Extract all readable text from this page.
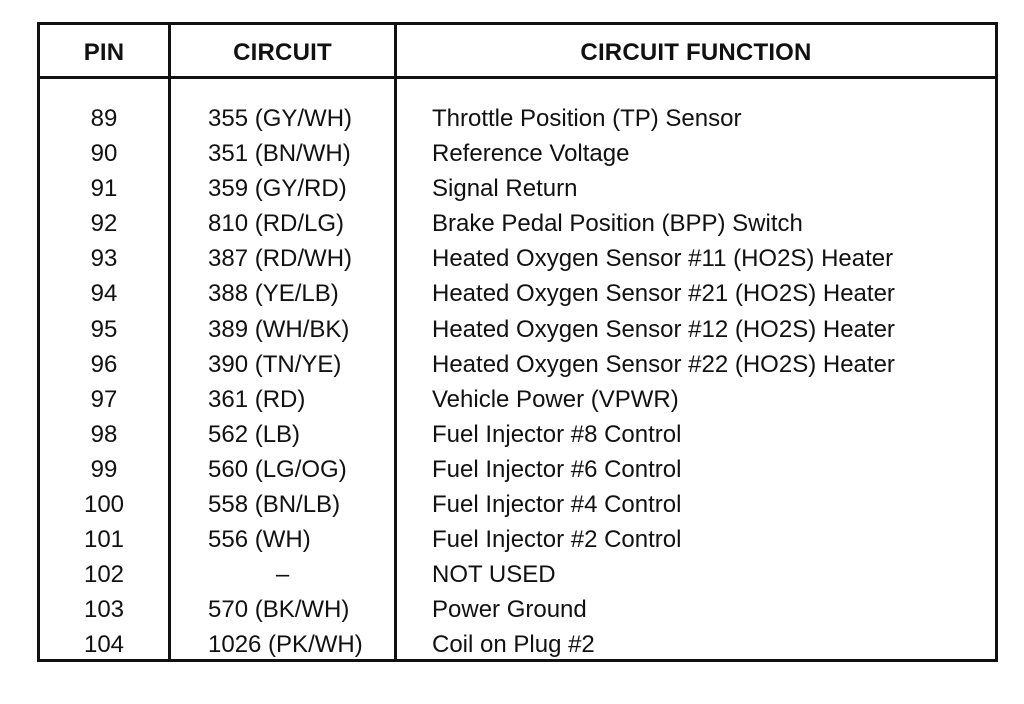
PIN	CIRCUIT	CIRCUIT FUNCTION
89	355 (GY/WH)	Throttle Position (TP) Sensor
90	351 (BN/WH)	Reference Voltage
91	359 (GY/RD)	Signal Return
92	810 (RD/LG)	Brake Pedal Position (BPP) Switch
93	387 (RD/WH)	Heated Oxygen Sensor #11 (HO2S) Heater
94	388 (YE/LB)	Heated Oxygen Sensor #21 (HO2S) Heater
95	389 (WH/BK)	Heated Oxygen Sensor #12 (HO2S) Heater
96	390 (TN/YE)	Heated Oxygen Sensor #22 (HO2S) Heater
97	361 (RD)	Vehicle Power (VPWR)
98	562 (LB)	Fuel Injector #8 Control
99	560 (LG/OG)	Fuel Injector #6 Control
100	558 (BN/LB)	Fuel Injector #4 Control
101	556 (WH)	Fuel Injector #2 Control
102	–	NOT USED
103	570 (BK/WH)	Power Ground
104	1026 (PK/WH)	Coil on Plug #2
